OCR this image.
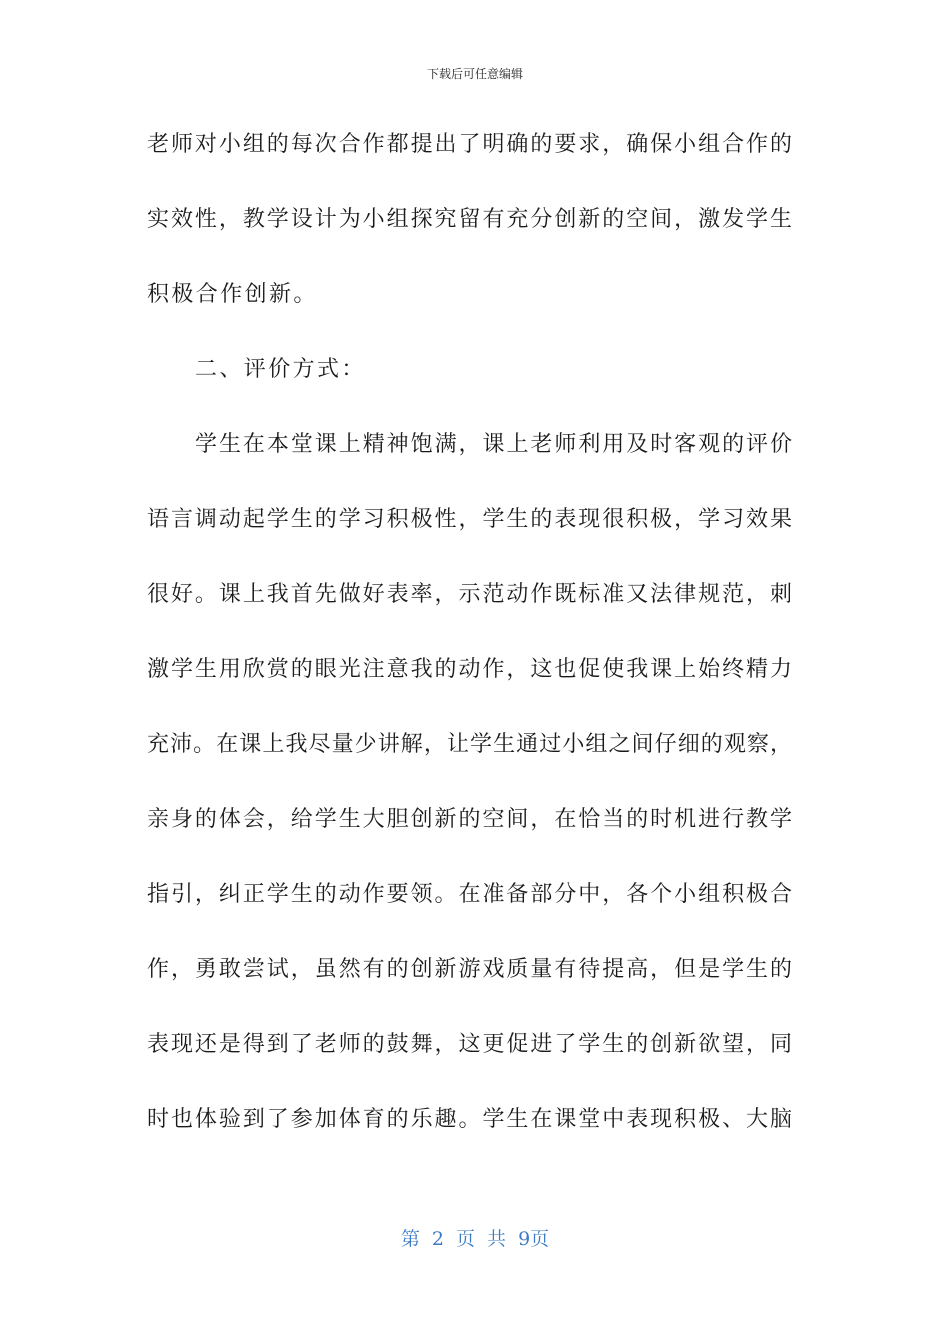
下载后可任意编辑
老师对小组的每次合作都提出了明确的要求，确保小组合作的
实效性，教学设计为小组探究留有充分创新的空间，激发学生
积极合作创新。
二、评价方式：
学生在本堂课上精神饱满，课上老师利用及时客观的评价
语言调动起学生的学习积极性，学生的表现很积极，学习效果
很好。课上我首先做好表率，示范动作既标准又法律规范，刺
激学生用欣赏的眼光注意我的动作，这也促使我课上始终精力
充沛。在课上我尽量少讲解，让学生通过小组之间仔细的观察，
亲身的体会，给学生大胆创新的空间，在恰当的时机进行教学
指引，纠正学生的动作要领。在准备部分中，各个小组积极合
作，勇敢尝试，虽然有的创新游戏质量有待提高，但是学生的
表现还是得到了老师的鼓舞，这更促进了学生的创新欲望，同
时也体验到了参加体育的乐趣。学生在课堂中表现积极、大脑
第 2 页 共 9页
